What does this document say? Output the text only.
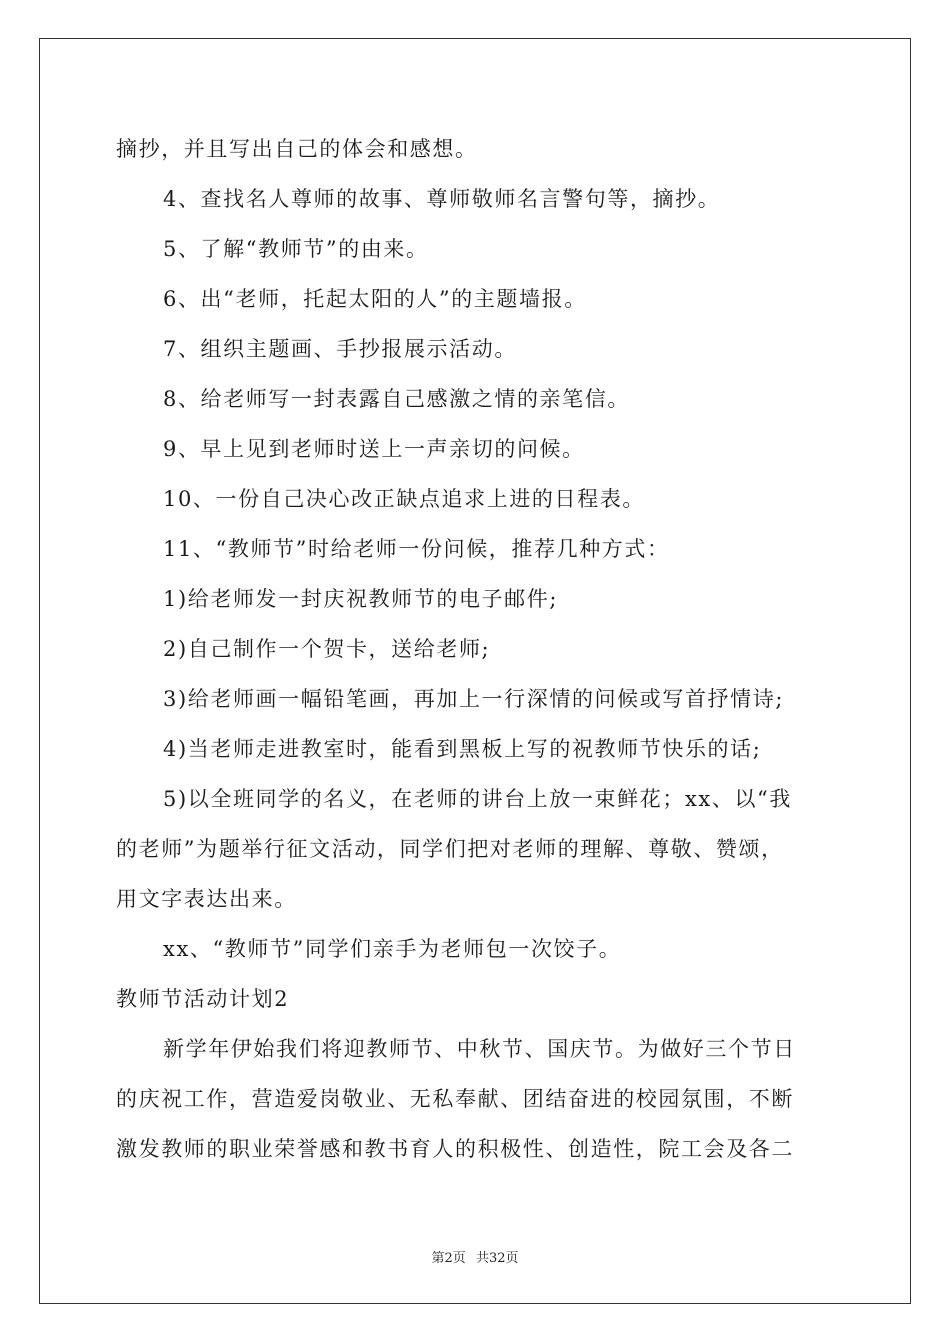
摘抄，并且写出自己的体会和感想。
4、查找名人尊师的故事、尊师敬师名言警句等，摘抄。
5、了解“教师节”的由来。
6、出“老师，托起太阳的人”的主题墙报。
7、组织主题画、手抄报展示活动。
8、给老师写一封表露自己感激之情的亲笔信。
9、早上见到老师时送上一声亲切的问候。
10、一份自己决心改正缺点追求上进的日程表。
11、“教师节”时给老师一份问候，推荐几种方式：
1)给老师发一封庆祝教师节的电子邮件;
2)自己制作一个贺卡，送给老师;
3)给老师画一幅铅笔画，再加上一行深情的问候或写首抒情诗;
4)当老师走进教室时，能看到黑板上写的祝教师节快乐的话;
5)以全班同学的名义，在老师的讲台上放一束鲜花；xx、以“我
的老师”为题举行征文活动，同学们把对老师的理解、尊敬、赞颂，
用文字表达出来。
xx、“教师节”同学们亲手为老师包一次饺子。
教师节活动计划2
新学年伊始我们将迎教师节、中秋节、国庆节。为做好三个节日
的庆祝工作，营造爱岗敬业、无私奉献、团结奋进的校园氛围，不断
激发教师的职业荣誉感和教书育人的积极性、创造性，院工会及各二
第2页 共32页
